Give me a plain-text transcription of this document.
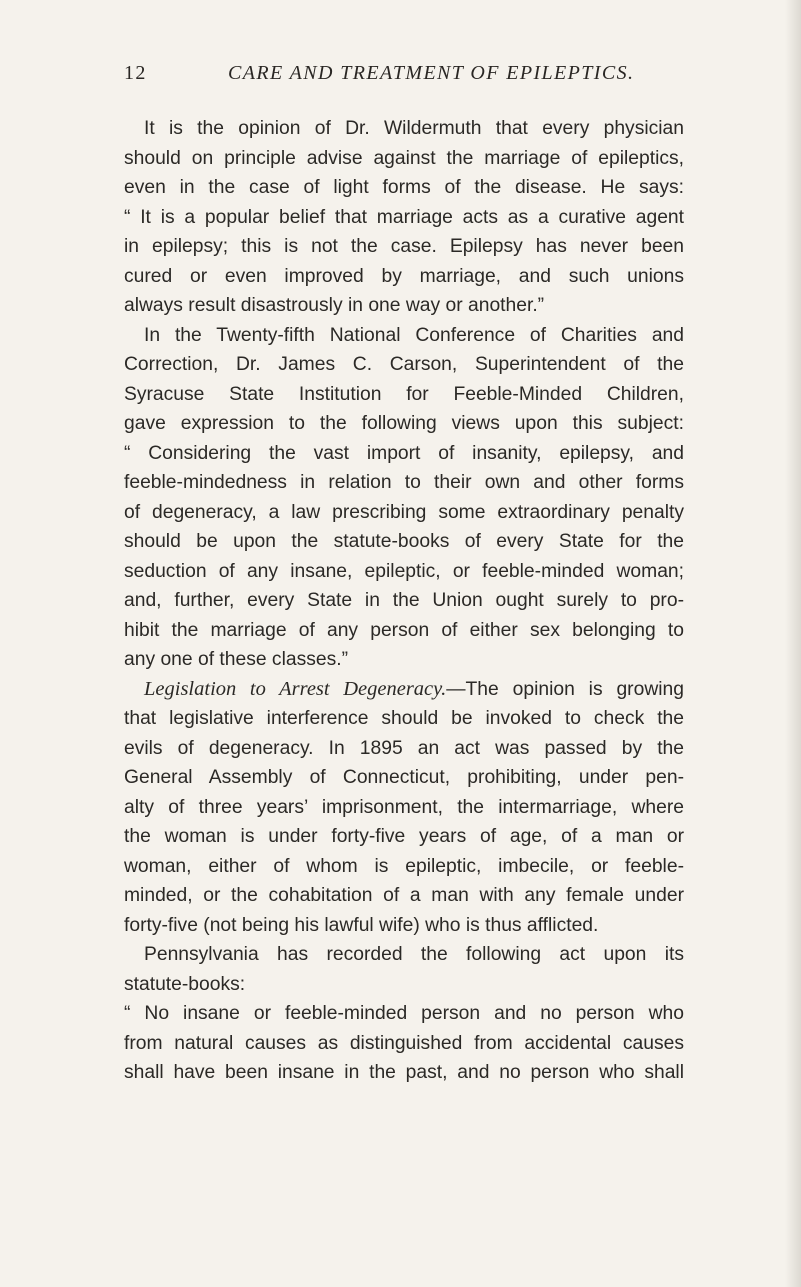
12	CARE AND TREATMENT OF EPILEPTICS.
It is the opinion of Dr. Wildermuth that every physician
should on principle advise against the marriage of epileptics,
even in the case of light forms of the disease. He says:
“ It is a popular belief that marriage acts as a curative agent
in epilepsy; this is not the case. Epilepsy has never been
cured or even improved by marriage, and such unions
always result disastrously in one way or another.”
In the Twenty-fifth National Conference of Charities and
Correction, Dr. James C. Carson, Superintendent of the
Syracuse State Institution for Feeble-Minded Children,
gave expression to the following views upon this subject:
“ Considering the vast import of insanity, epilepsy, and
feeble-mindedness in relation to their own and other forms
of degeneracy, a law prescribing some extraordinary penalty
should be upon the statute-books of every State for the
seduction of any insane, epileptic, or feeble-minded woman;
and, further, every State in the Union ought surely to pro-
hibit the marriage of any person of either sex belonging to
any one of these classes.”
Legislation to Arrest Degeneracy.—The opinion is growing
that legislative interference should be invoked to check the
evils of degeneracy. In 1895 an act was passed by the
General Assembly of Connecticut, prohibiting, under pen-
alty of three years’ imprisonment, the intermarriage, where
the woman is under forty-five years of age, of a man or
woman, either of whom is epileptic, imbecile, or feeble-
minded, or the cohabitation of a man with any female under
forty-five (not being his lawful wife) who is thus afflicted.
Pennsylvania has recorded the following act upon its
statute-books:
“ No insane or feeble-minded person and no person who
from natural causes as distinguished from accidental causes
shall have been insane in the past, and no person who shall
